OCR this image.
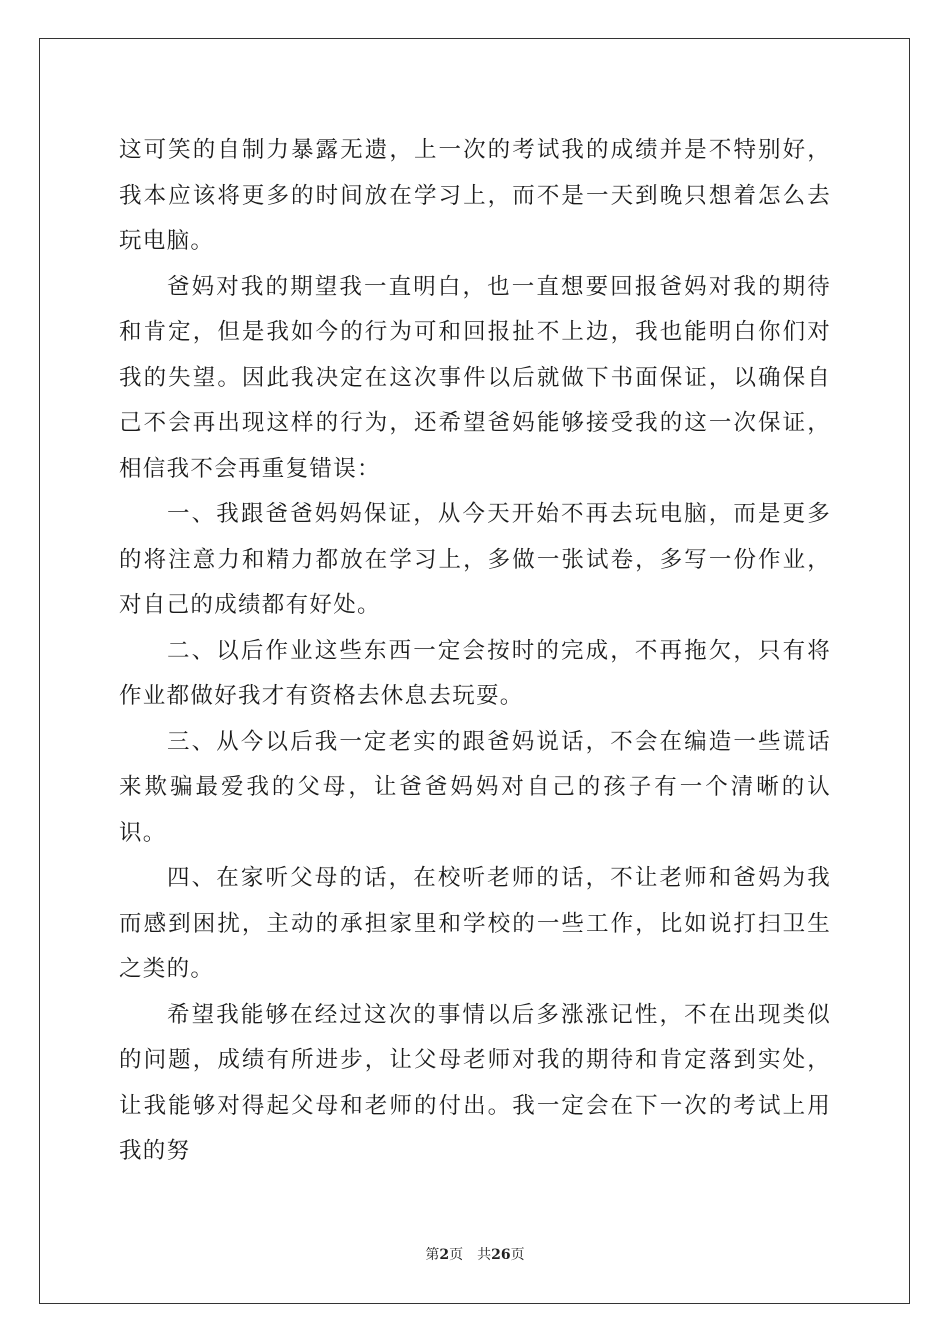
这可笑的自制力暴露无遗，上一次的考试我的成绩并是不特别好，我本应该将更多的时间放在学习上，而不是一天到晚只想着怎么去玩电脑。

爸妈对我的期望我一直明白，也一直想要回报爸妈对我的期待和肯定，但是我如今的行为可和回报扯不上边，我也能明白你们对我的失望。因此我决定在这次事件以后就做下书面保证，以确保自己不会再出现这样的行为，还希望爸妈能够接受我的这一次保证，相信我不会再重复错误：

一、我跟爸爸妈妈保证，从今天开始不再去玩电脑，而是更多的将注意力和精力都放在学习上，多做一张试卷，多写一份作业，对自己的成绩都有好处。

二、以后作业这些东西一定会按时的完成，不再拖欠，只有将作业都做好我才有资格去休息去玩耍。

三、从今以后我一定老实的跟爸妈说话，不会在编造一些谎话来欺骗最爱我的父母，让爸爸妈妈对自己的孩子有一个清晰的认识。

四、在家听父母的话，在校听老师的话，不让老师和爸妈为我而感到困扰，主动的承担家里和学校的一些工作，比如说打扫卫生之类的。

希望我能够在经过这次的事情以后多涨涨记性，不在出现类似的问题，成绩有所进步，让父母老师对我的期待和肯定落到实处，让我能够对得起父母和老师的付出。我一定会在下一次的考试上用我的努

第2页 共26页
